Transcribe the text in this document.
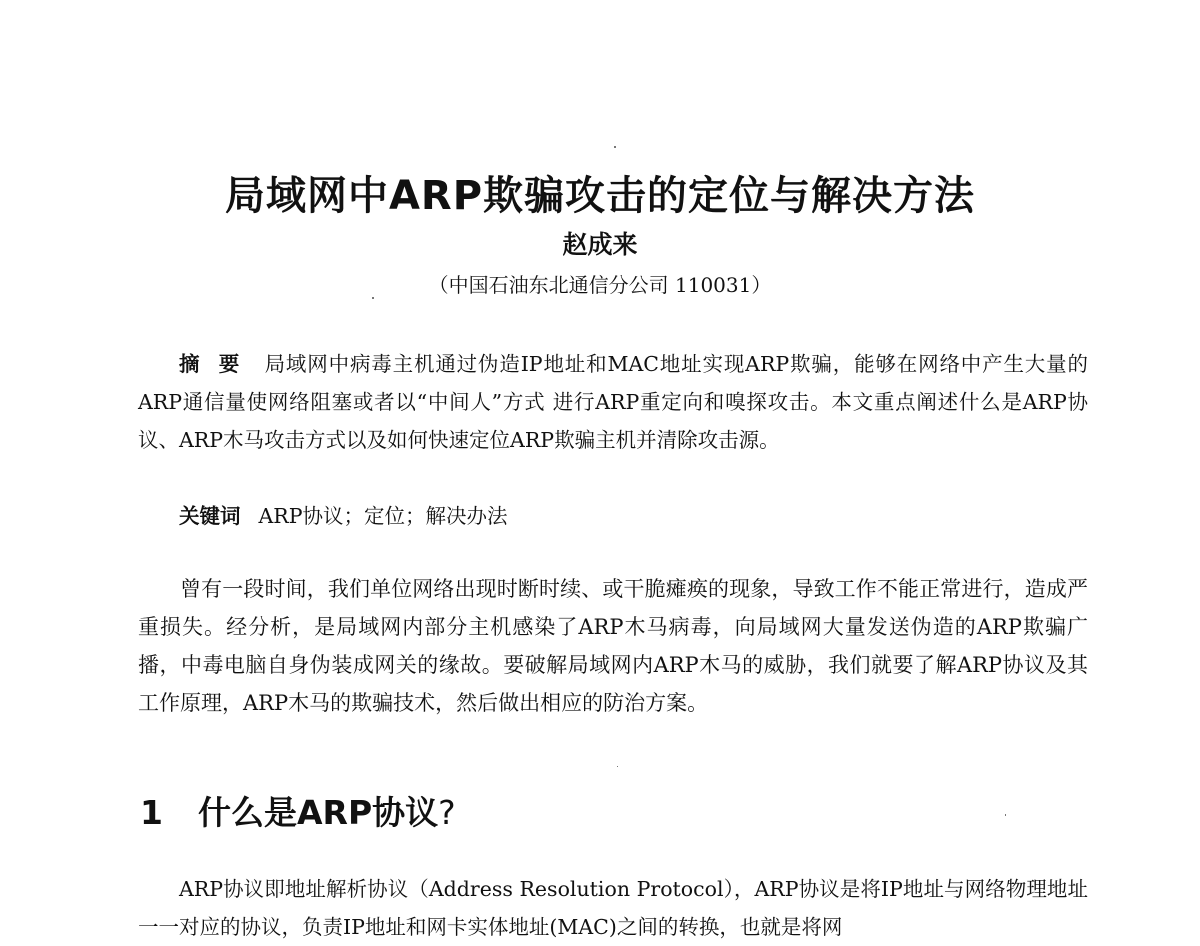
局域网中ARP欺骗攻击的定位与解决方法
赵成来
（中国石油东北通信分公司 110031）

摘要 局域网中病毒主机通过伪造IP地址和MAC地址实现ARP欺骗，能够在网络中产生大量的ARP通信量使网络阻塞或者以“中间人”方式 进行ARP重定向和嗅探攻击。本文重点阐述什么是ARP协议、ARP木马攻击方式以及如何快速定位ARP欺骗主机并清除攻击源。

关键词 ARP协议；定位；解决办法

曾有一段时间，我们单位网络出现时断时续、或干脆瘫痪的现象，导致工作不能正常进行，造成严重损失。经分析，是局域网内部分主机感染了ARP木马病毒，向局域网大量发送伪造的ARP欺骗广播，中毒电脑自身伪装成网关的缘故。要破解局域网内ARP木马的威胁，我们就要了解ARP协议及其工作原理，ARP木马的欺骗技术，然后做出相应的防治方案。

1 什么是ARP协议?

ARP协议即地址解析协议（Address Resolution Protocol），ARP协议是将IP地址与网络物理地址一一对应的协议，负责IP地址和网卡实体地址(MAC)之间的转换，也就是将网
